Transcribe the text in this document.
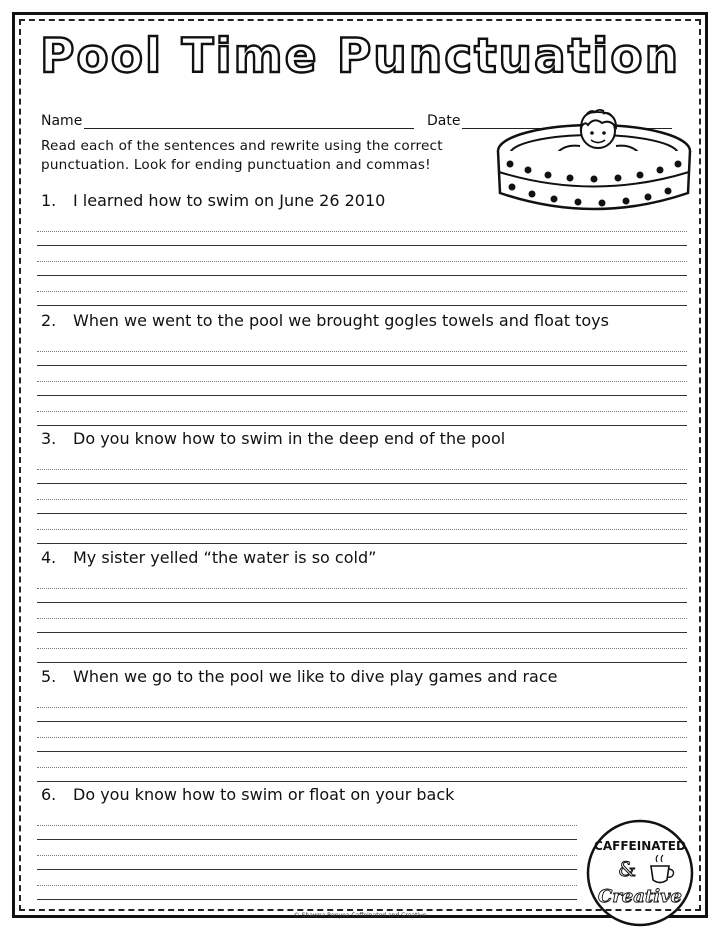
Pool Time Punctuation
Name	Date

Read each of the sentences and rewrite using the correct punctuation. Look for ending punctuation and commas!

1.	I learned how to swim on June 26 2010
2.	When we went to the pool we brought gogles towels and float toys
3.	Do you know how to swim in the deep end of the pool
4.	My sister yelled “the water is so cold”
5.	When we go to the pool we like to dive play games and race
6.	Do you know how to swim or float on your back
CAFFEINATED
&
Creative
© Shawna Renyea Caffeinated and Creative
